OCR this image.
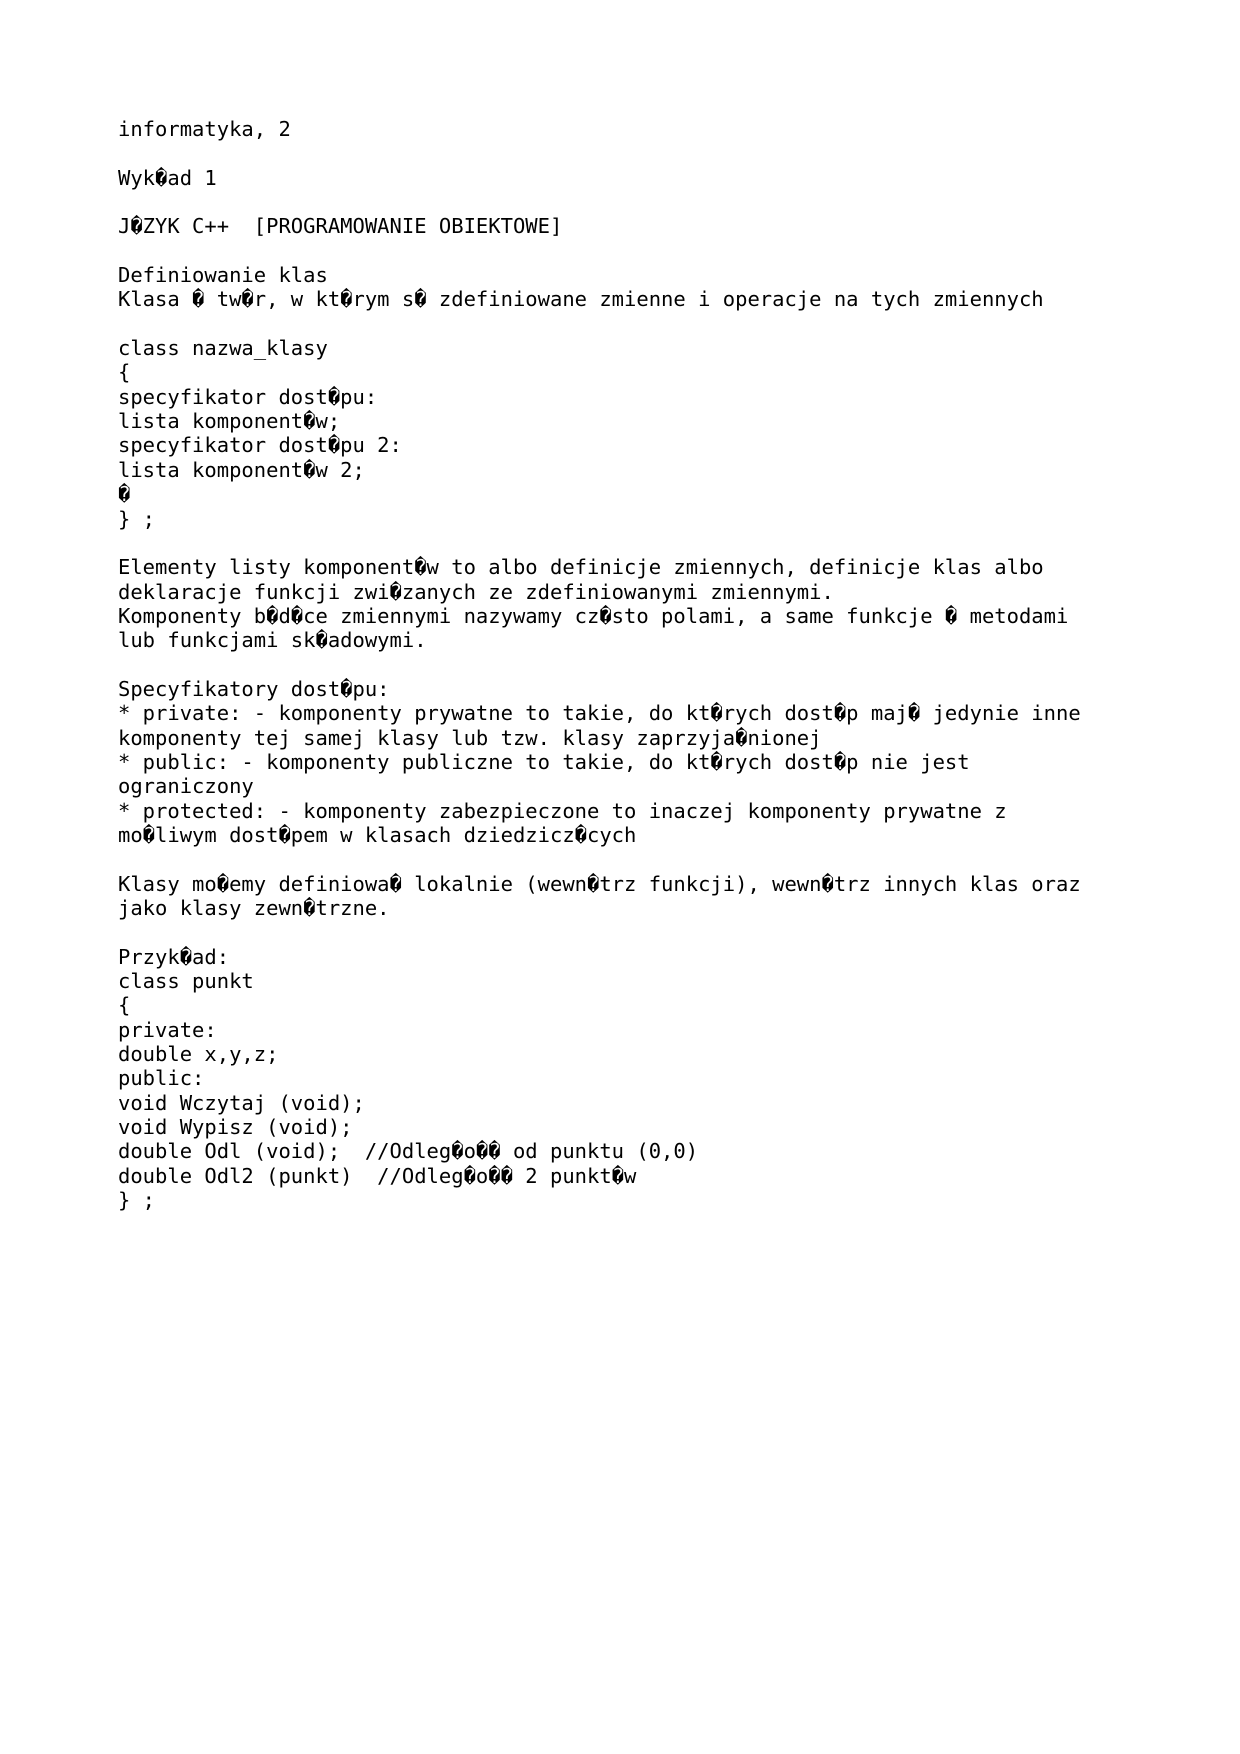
informatyka, 2
Wyk�ad 1
J�ZYK C++  [PROGRAMOWANIE OBIEKTOWE]
Definiowanie klas
Klasa � tw�r, w kt�rym s� zdefiniowane zmienne i operacje na tych zmiennych
class nazwa_klasy
{
specyfikator dost�pu:
lista komponent�w;
specyfikator dost�pu 2:
lista komponent�w 2;
�
} ;
Elementy listy komponent�w to albo definicje zmiennych, definicje klas albo
deklaracje funkcji zwi�zanych ze zdefiniowanymi zmiennymi.
Komponenty b�d�ce zmiennymi nazywamy cz�sto polami, a same funkcje � metodami
lub funkcjami sk�adowymi.
Specyfikatory dost�pu:
* private: - komponenty prywatne to takie, do kt�rych dost�p maj� jedynie inne
komponenty tej samej klasy lub tzw. klasy zaprzyja�nionej
* public: - komponenty publiczne to takie, do kt�rych dost�p nie jest
ograniczony
* protected: - komponenty zabezpieczone to inaczej komponenty prywatne z
mo�liwym dost�pem w klasach dziedzicz�cych
Klasy mo�emy definiowa� lokalnie (wewn�trz funkcji), wewn�trz innych klas oraz
jako klasy zewn�trzne.
Przyk�ad:
class punkt
{
private:
double x,y,z;
public:
void Wczytaj (void);
void Wypisz (void);
double Odl (void);  //Odleg�o�� od punktu (0,0)
double Odl2 (punkt)  //Odleg�o�� 2 punkt�w
} ;
